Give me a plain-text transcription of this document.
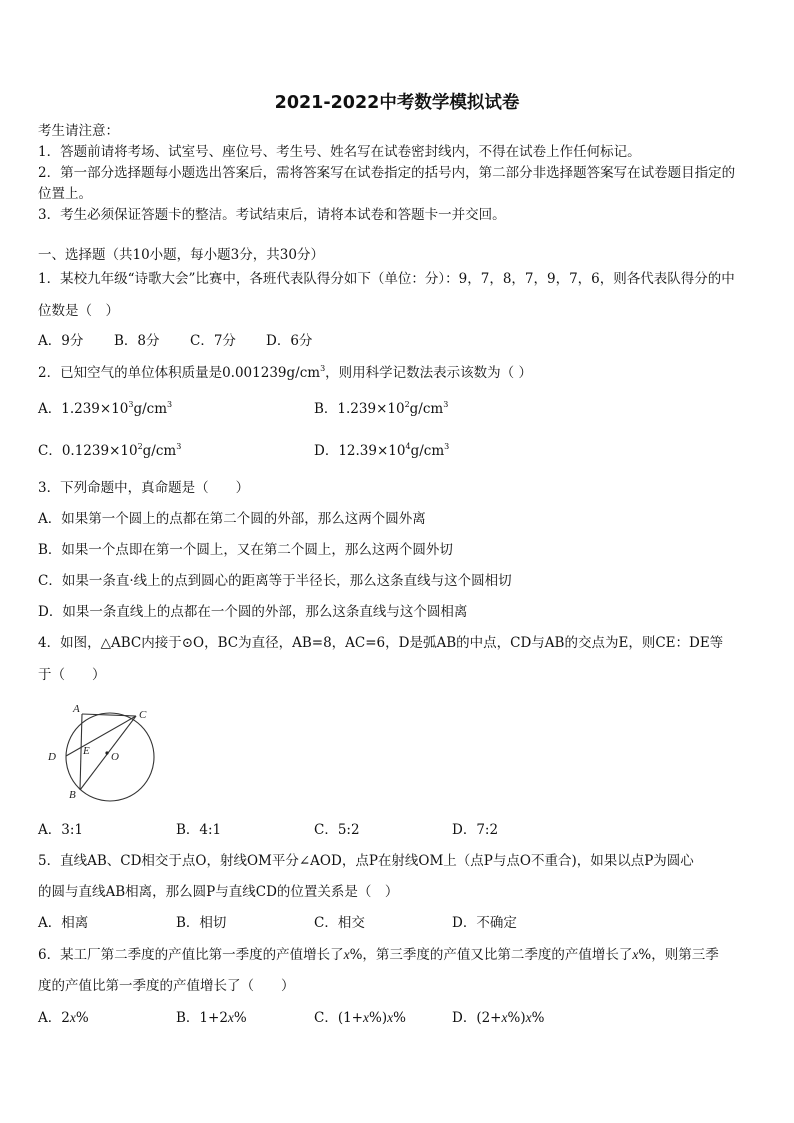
2021-2022中考数学模拟试卷
考生请注意：
1．答题前请将考场、试室号、座位号、考生号、姓名写在试卷密封线内，不得在试卷上作任何标记。
2．第一部分选择题每小题选出答案后，需将答案写在试卷指定的括号内，第二部分非选择题答案写在试卷题目指定的
位置上。
3．考生必须保证答题卡的整洁。考试结束后，请将本试卷和答题卡一并交回。
一、选择题（共10小题，每小题3分，共30分）
1．某校九年级“诗歌大会”比赛中，各班代表队得分如下（单位：分）：9，7，8，7，9，7，6，则各代表队得分的中
位数是（　）
A．9分 B．8分 C．7分 D．6分
2．已知空气的单位体积质量是$0.001239g/cm^3$，则用科学记数法表示该数为（ ）
A．$1.239\times 10^3g/cm^3$	B．$1.239\times 10^2g/cm^3$
C．$0.1239\times 10^2g/cm^3$	D．$12.39\times 10^4g/cm^3$
3．下列命题中，真命题是（　　）
A．如果第一个圆上的点都在第二个圆的外部，那么这两个圆外离
B．如果一个点即在第一个圆上，又在第二个圆上，那么这两个圆外切
C．如果一条直·线上的点到圆心的距离等于半径长，那么这条直线与这个圆相切
D．如果一条直线上的点都在一个圆的外部，那么这条直线与这个圆相离
4．如图，△ABC内接于⊙O，BC为直径，AB=8，AC=6，D是弧AB的中点，CD与AB的交点为E，则CE：DE等
于（　　）
A	C
D E O
B
A．3:1	B．4:1	C．5:2	D．7:2
5．直线AB、CD相交于点O，射线OM平分∠AOD，点P在射线OM上（点P与点O不重合)，如果以点P为圆心
的圆与直线AB相离，那么圆P与直线CD的位置关系是（　）
A．相离	B．相切	C．相交	D．不确定
6．某工厂第二季度的产值比第一季度的产值增长了x%，第三季度的产值又比第二季度的产值增长了x%，则第三季
度的产值比第一季度的产值增长了（　　）
A．2x%	B．1+2x%	C．(1+x%)x%	D．(2+x%)x%
